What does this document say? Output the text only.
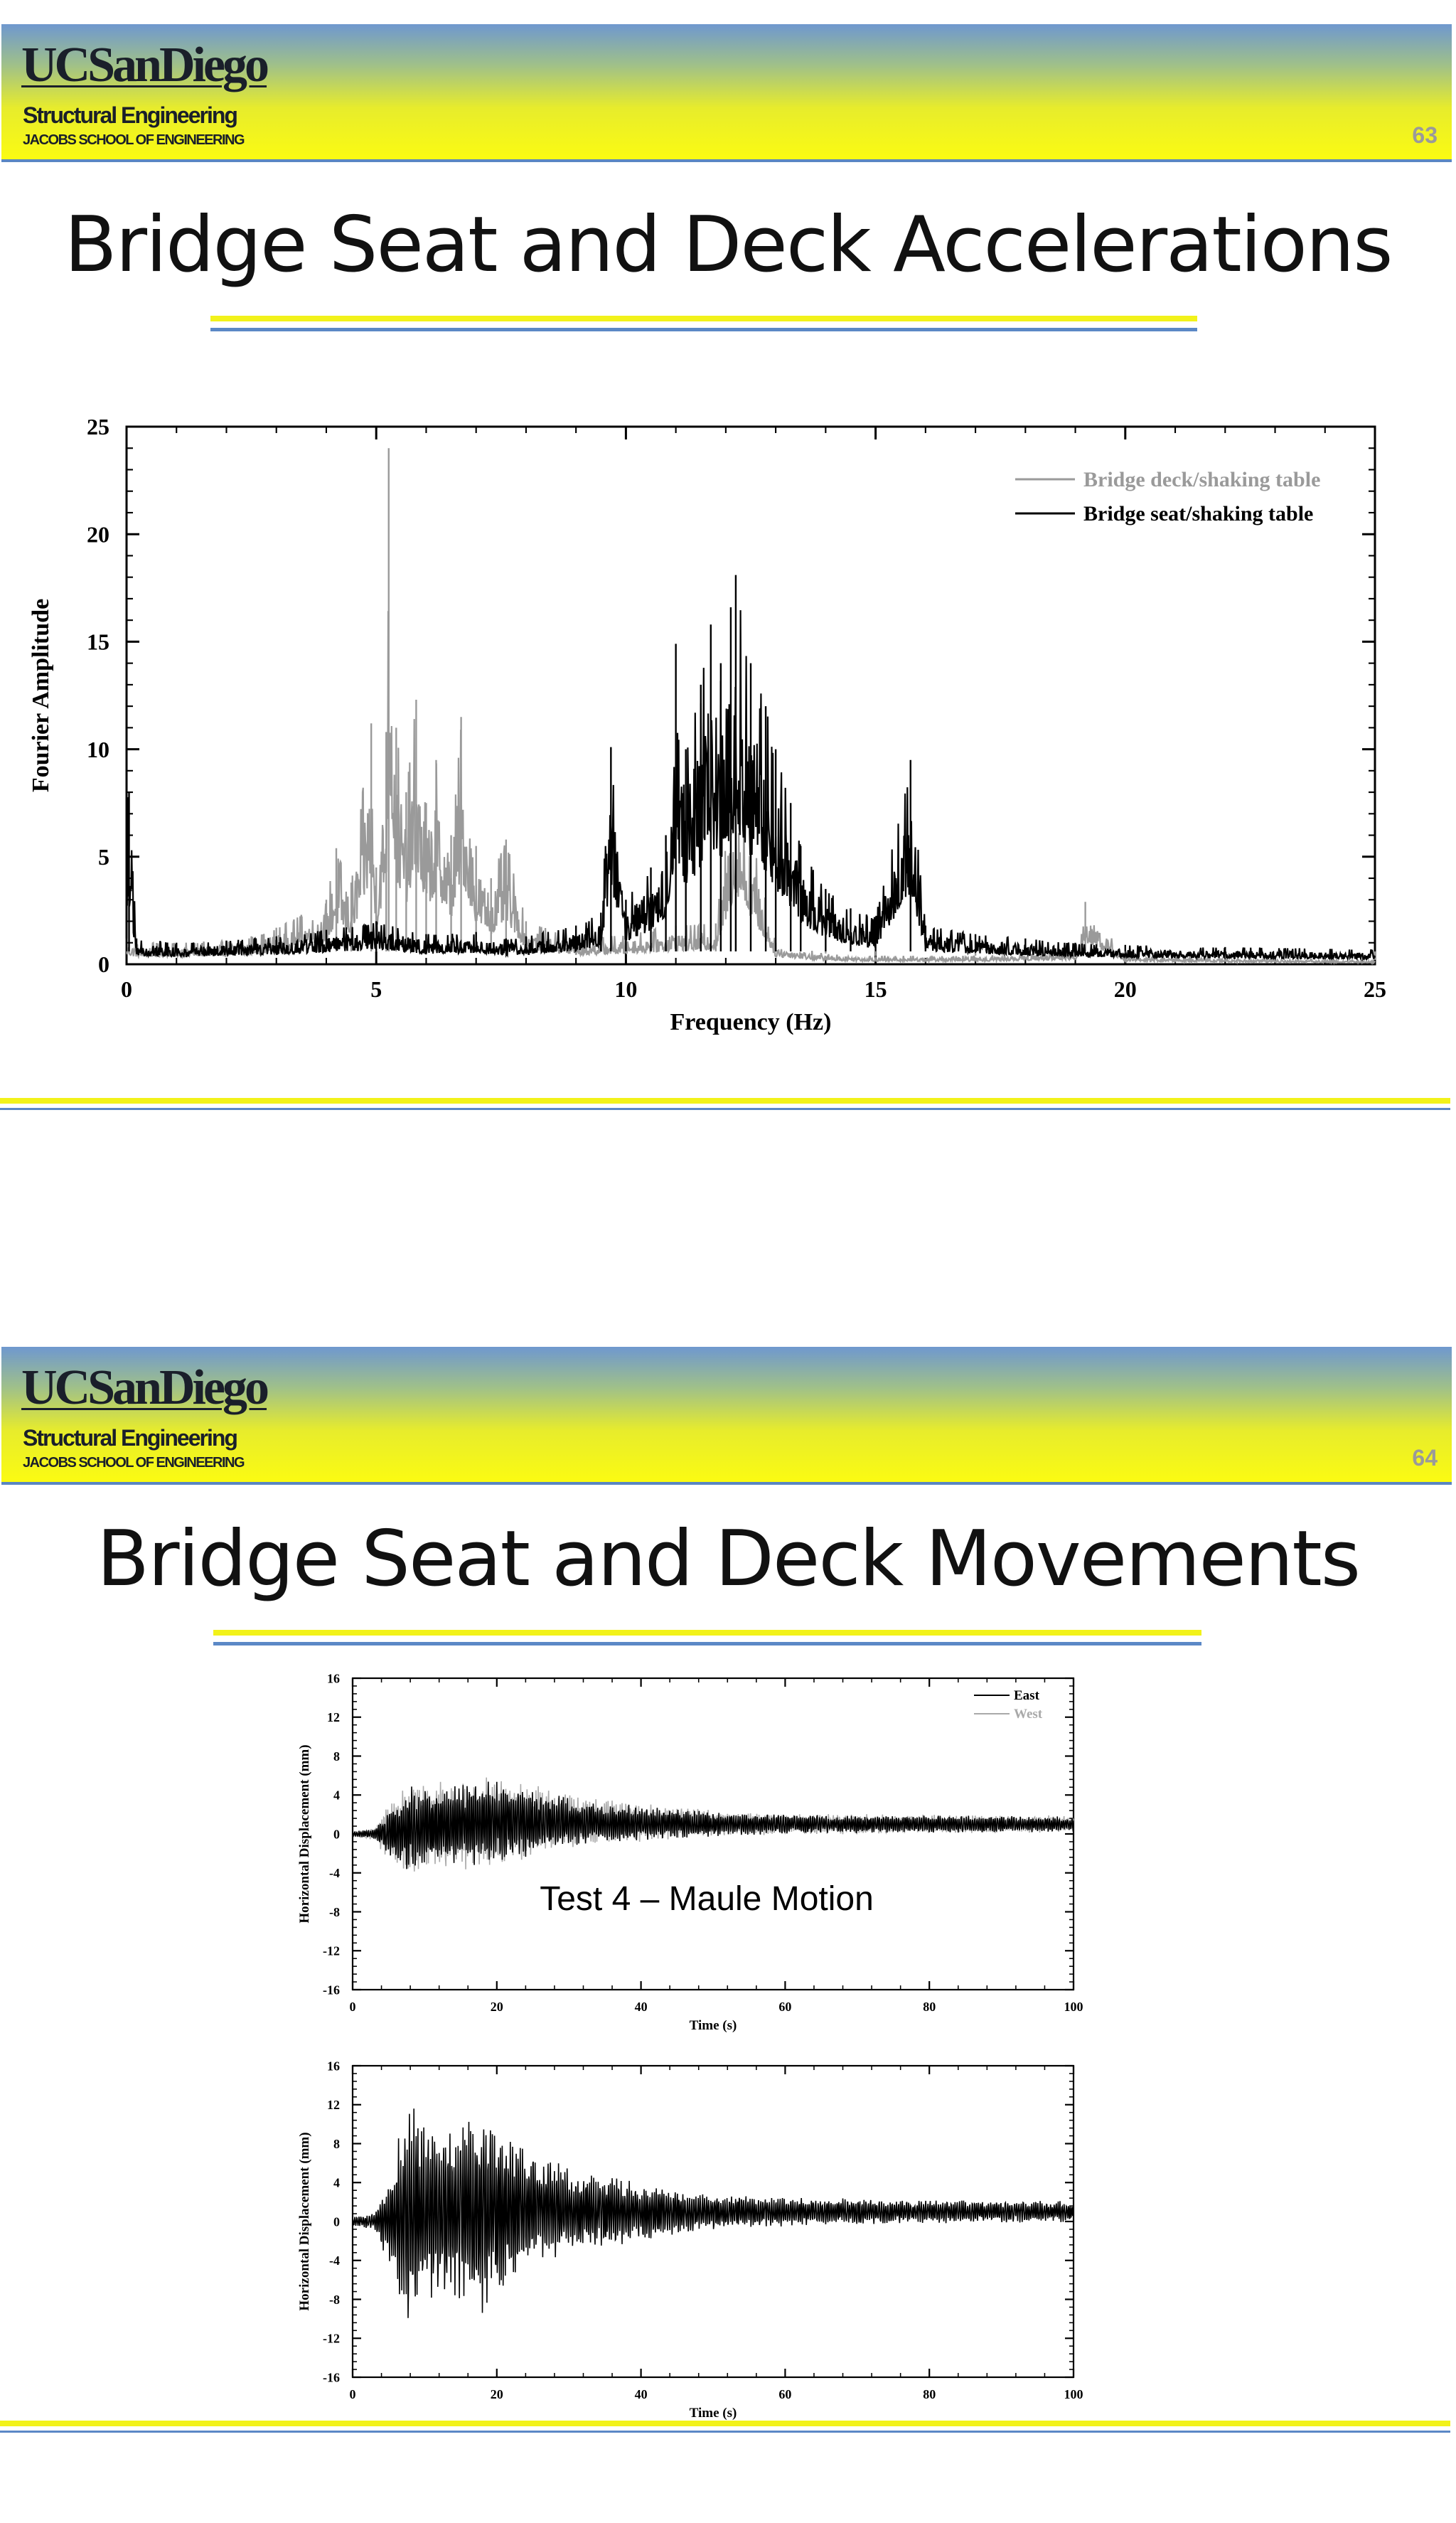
UCSanDiego
Structural Engineering
JACOBS SCHOOL OF ENGINEERING	63
Bridge Seat and Deck Accelerations
0	5	10	15	20	25
0
5
10
15
20
25
Frequency (Hz)
Fourier Amplitude
Bridge deck/shaking table
Bridge seat/shaking table
UCSanDiego
Structural Engineering
JACOBS SCHOOL OF ENGINEERING	64
Bridge Seat and Deck Movements
0	20	40	60	80	100
-16
-12
-8
-4
0
4
8
12
16
Time (s)
Horizontal Displacement (mm)
East
West
Test 4 – Maule Motion
0	20	40	60	80	100
-16
-12
-8
-4
0
4
8
12
16
Time (s)
Horizontal Displacement (mm)
